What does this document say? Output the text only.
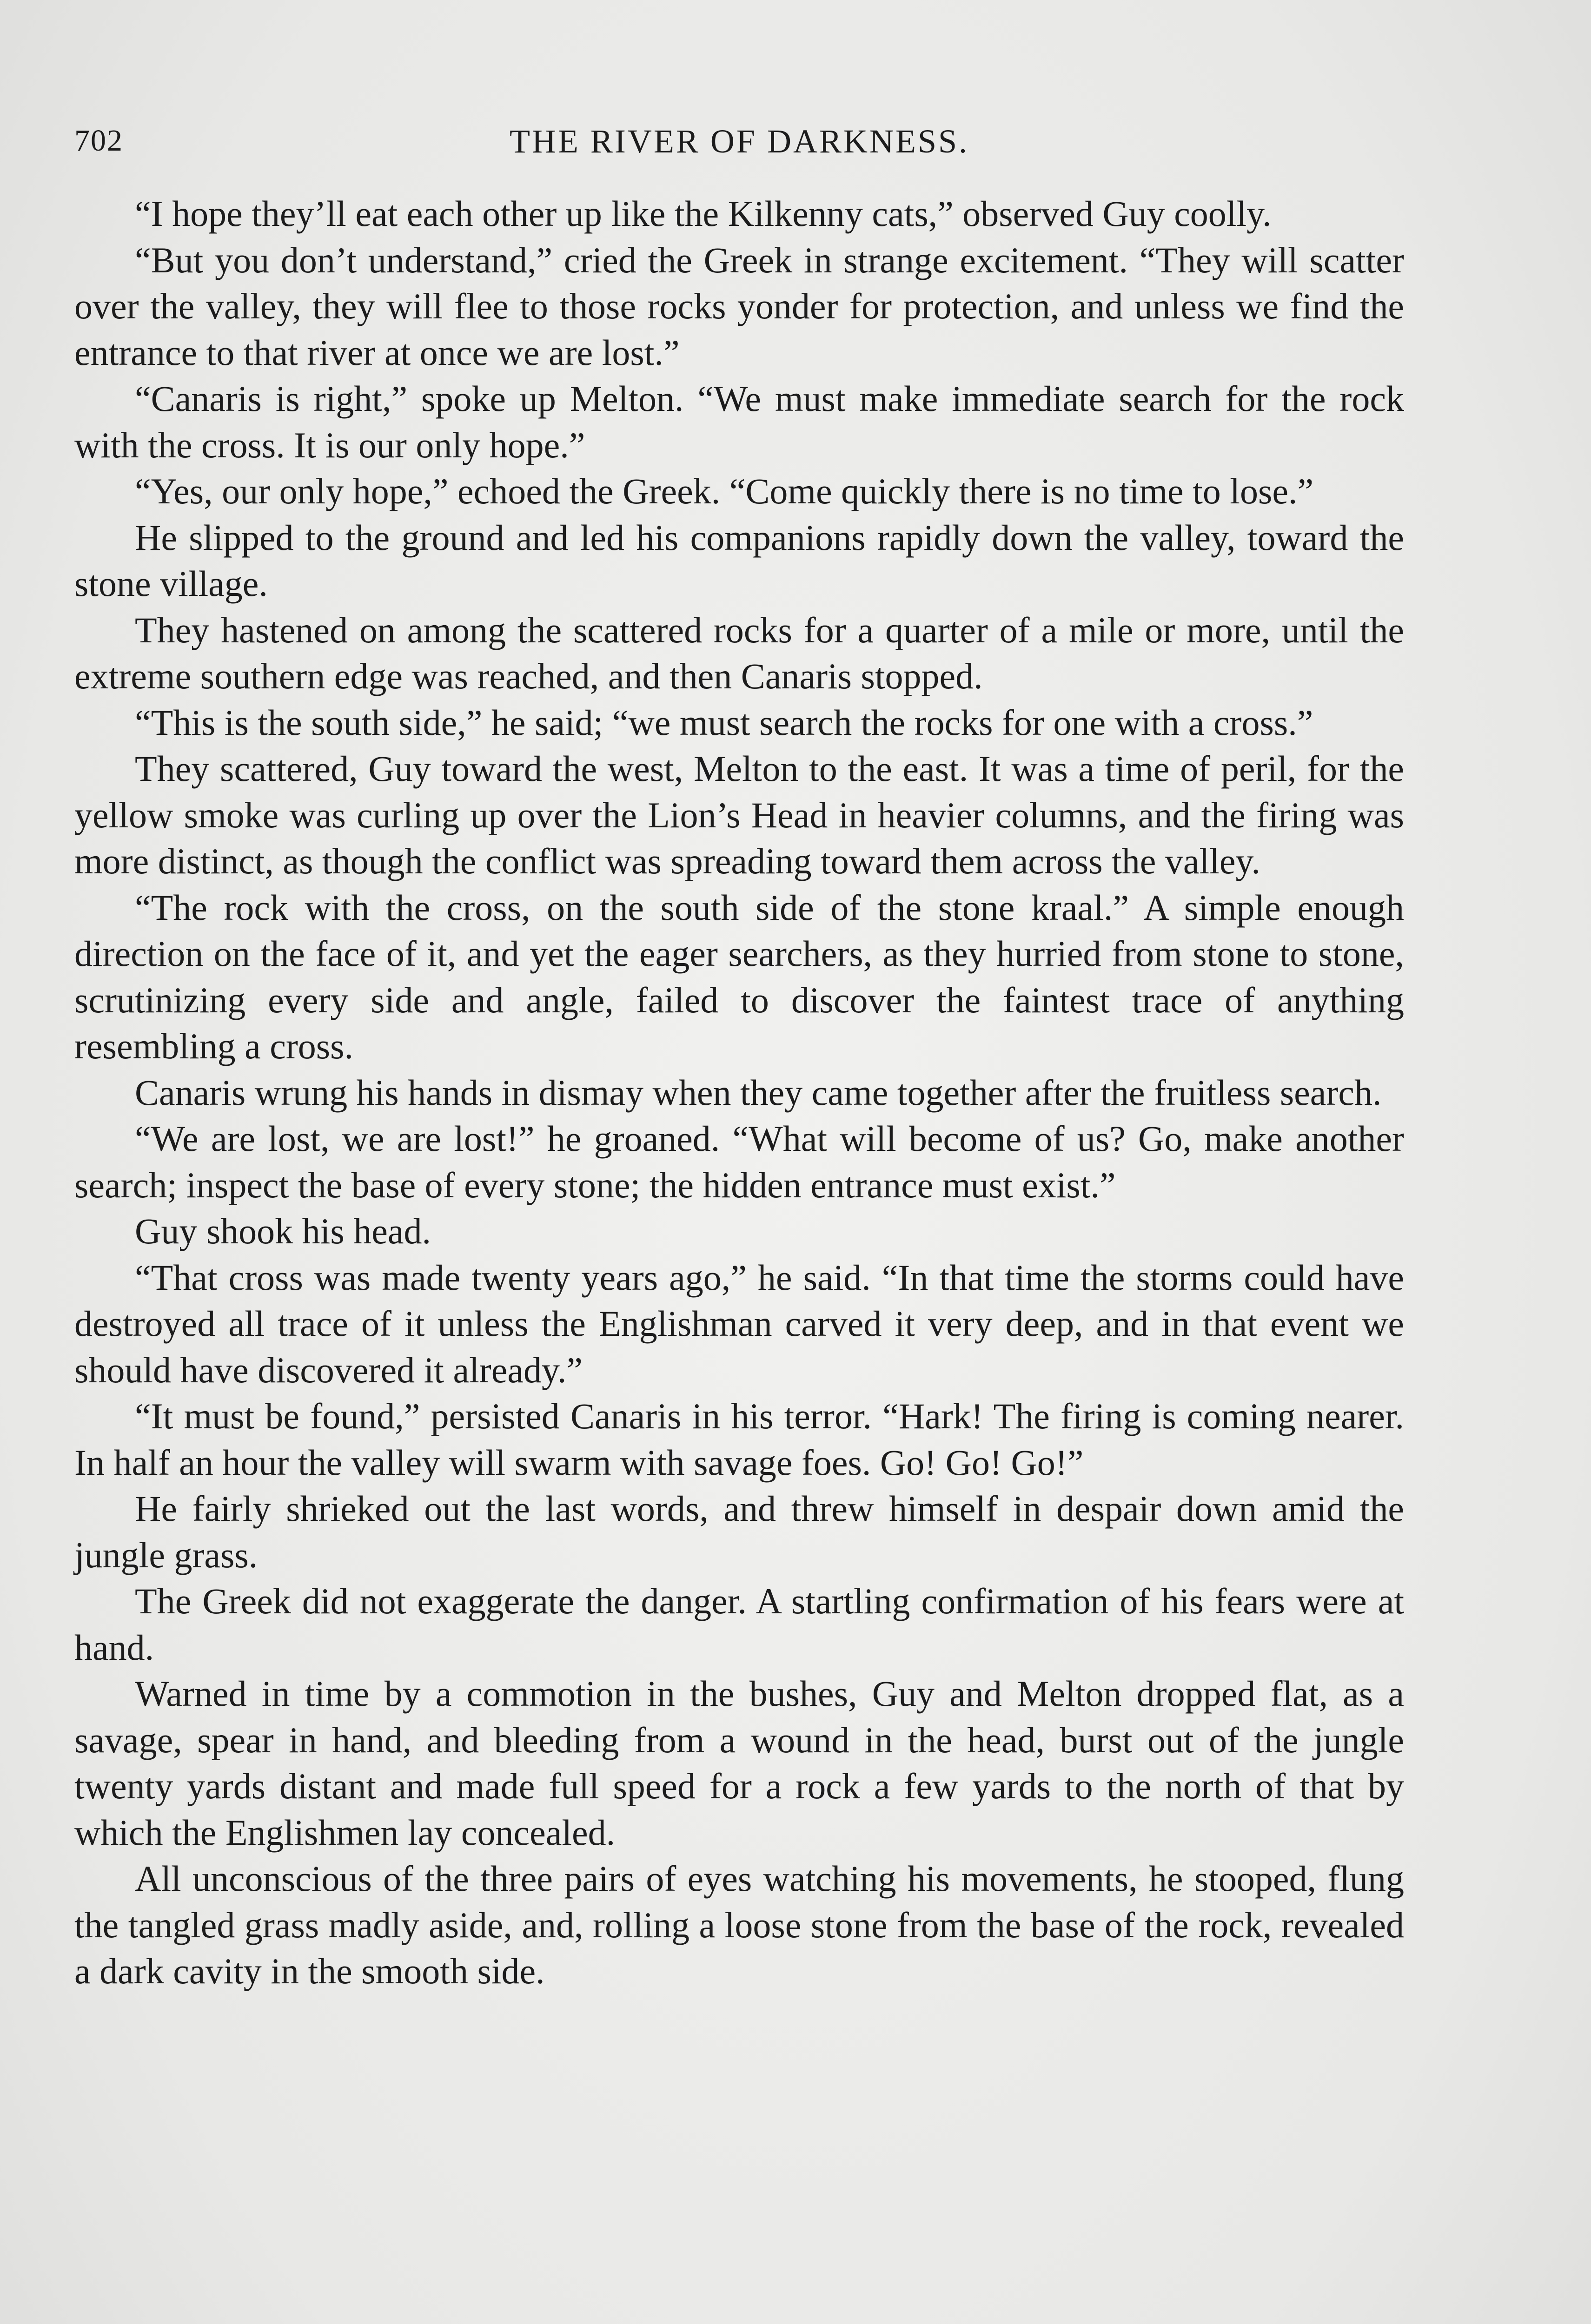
702	THE RIVER OF DARKNESS.

“I hope they’ll eat each other up like the Kilkenny cats,” observed Guy coolly.

“But you don’t understand,” cried the Greek in strange excitement. “They will scatter over the valley, they will flee to those rocks yonder for protection, and unless we find the entrance to that river at once we are lost.”

“Canaris is right,” spoke up Melton. “We must make immediate search for the rock with the cross. It is our only hope.”

“Yes, our only hope,” echoed the Greek. “Come quickly there is no time to lose.”

He slipped to the ground and led his companions rapidly down the valley, toward the stone village.

They hastened on among the scattered rocks for a quarter of a mile or more, until the extreme southern edge was reached, and then Canaris stopped.

“This is the south side,” he said; “we must search the rocks for one with a cross.”

They scattered, Guy toward the west, Melton to the east. It was a time of peril, for the yellow smoke was curling up over the Lion’s Head in heavier columns, and the firing was more distinct, as though the conflict was spreading toward them across the valley.

“The rock with the cross, on the south side of the stone kraal.” A simple enough direction on the face of it, and yet the eager searchers, as they hurried from stone to stone, scrutinizing every side and angle, failed to discover the faintest trace of anything resembling a cross.

Canaris wrung his hands in dismay when they came together after the fruitless search.

“We are lost, we are lost!” he groaned. “What will become of us? Go, make another search; inspect the base of every stone; the hidden entrance must exist.”

Guy shook his head.

“That cross was made twenty years ago,” he said. “In that time the storms could have destroyed all trace of it unless the Englishman carved it very deep, and in that event we should have discovered it already.”

“It must be found,” persisted Canaris in his terror. “Hark! The firing is coming nearer. In half an hour the valley will swarm with savage foes. Go! Go! Go!”

He fairly shrieked out the last words, and threw himself in despair down amid the jungle grass.

The Greek did not exaggerate the danger. A startling confirmation of his fears were at hand.

Warned in time by a commotion in the bushes, Guy and Melton dropped flat, as a savage, spear in hand, and bleeding from a wound in the head, burst out of the jungle twenty yards distant and made full speed for a rock a few yards to the north of that by which the Englishmen lay concealed.

All unconscious of the three pairs of eyes watching his movements, he stooped, flung the tangled grass madly aside, and, rolling a loose stone from the base of the rock, revealed a dark cavity in the smooth side.
